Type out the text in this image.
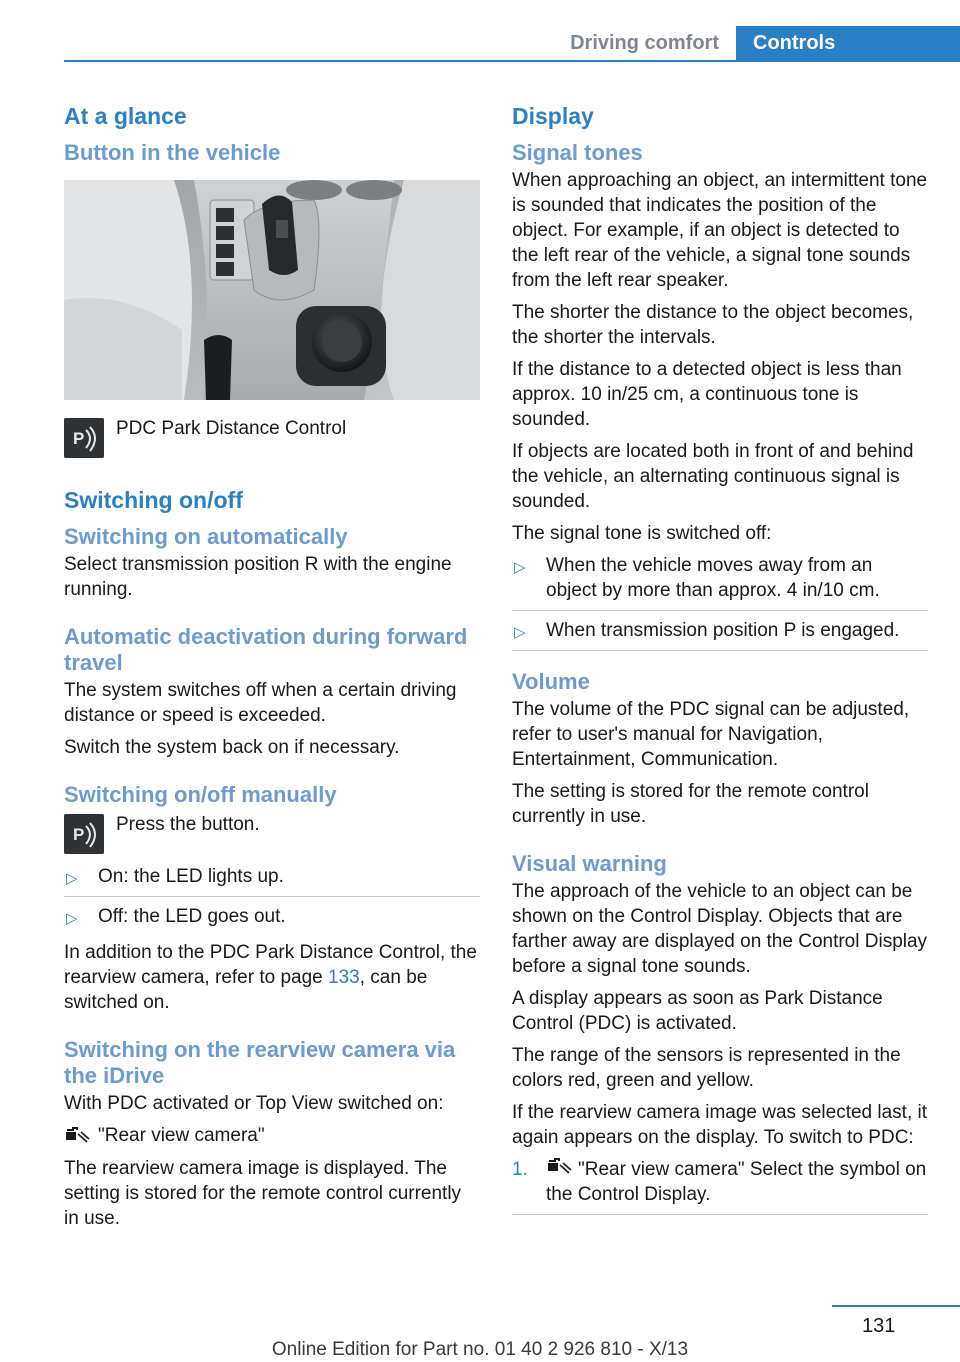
Driving comfort	Controls
At a glance
Button in the vehicle
P PDC Park Distance Control
Switching on/off
Switching on automatically

Select transmission position R with the engine running.

Automatic deactivation during forward travel

The system switches off when a certain driving distance or speed is exceeded.

Switch the system back on if necessary.

Switching on/off manually
P Press the button.
▷ On: the LED lights up.
▷ Off: the LED goes out.

In addition to the PDC Park Distance Control, the rearview camera, refer to page 133, can be switched on.

Switching on the rearview camera via the iDrive

With PDC activated or Top View switched on:

"Rear view camera"

The rearview camera image is displayed. The setting is stored for the remote control currently in use.

Display
Signal tones

When approaching an object, an intermittent tone is sounded that indicates the position of the object. For example, if an object is detected to the left rear of the vehicle, a signal tone sounds from the left rear speaker.

The shorter the distance to the object becomes, the shorter the intervals.

If the distance to a detected object is less than approx. 10 in/25 cm, a continuous tone is sounded.

If objects are located both in front of and behind the vehicle, an alternating continuous signal is sounded.

The signal tone is switched off:

▷ When the vehicle moves away from an object by more than approx. 4 in/10 cm.
▷ When transmission position P is engaged.
Volume

The volume of the PDC signal can be adjusted, refer to user's manual for Navigation, Entertainment, Communication.

The setting is stored for the remote control currently in use.

Visual warning

The approach of the vehicle to an object can be shown on the Control Display. Objects that are farther away are displayed on the Control Display before a signal tone sounds.

A display appears as soon as Park Distance Control (PDC) is activated.

The range of the sensors is represented in the colors red, green and yellow.

If the rearview camera image was selected last, it again appears on the display. To switch to PDC:

1.	"Rear view camera" Select the symbol on the Control Display.
131
Online Edition for Part no. 01 40 2 926 810 - X/13
